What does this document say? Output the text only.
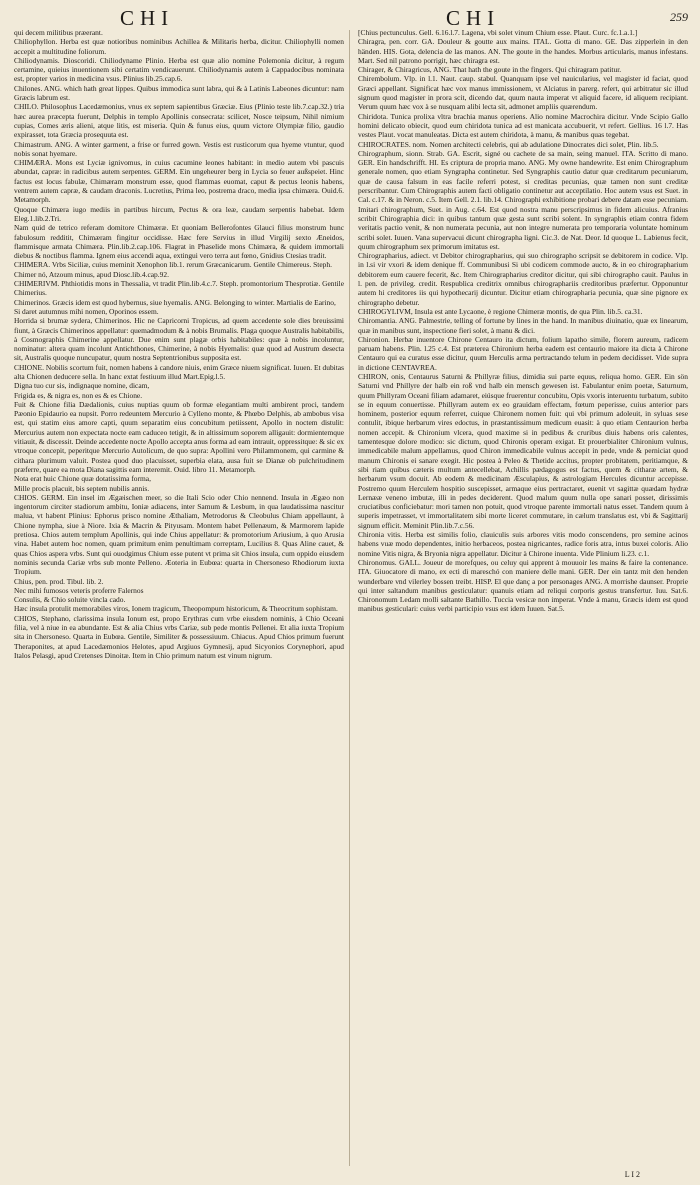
CHI	CHI	259

qui decem militibus præerant.

Chiliophyllon. Herba est quæ notioribus nominibus Achillea & Militaris herba, dicitur. Chiliophylli nomen accepit a multitudine foliorum.

Chiliodynamis. Dioscoridi. Chiliodyname Plinio. Herba est quæ alio nomine Polemonia dicitur, à regum certamine, quieius inuentionem sibi certatim vendicauerunt. Chiliodynamis autem à Cappadocibus nominata est, propter varios in medicina vsus. Plinius lib.25.cap.6.

Chilones. ANG. which hath great lippes. Quibus immodica sunt labra, qui & à Latinis Labeones dicuntur: nam Græcis labrum est.

CHILO. Philosophus Lacedæmonius, vnus ex septem sapientibus Græciæ. Eius (Plinio teste lib.7.cap.32.) tria hæc aurea præcepta fuerunt, Delphis in templo Apollinis consecrata: scilicet, Nosce teipsum, Nihil nimium cupias, Comes æris alieni, atque litis, est miseria. Quin & funus eius, quum victore Olympiæ filio, gaudio expirasset, tota Græcia prosequuta est.

Chimastrum. ANG. A winter garment, a frise or furred gown. Vestis est rusticorum qua hyeme vtuntur, quod nobis sonat hyemare.

CHIMÆRA. Mons est Lyciæ ignivomus, in cuius cacumine leones habitant: in medio autem vbi pascuis abundat, capræ: in radicibus autem serpentes. GERM. Ein ungeheurer berg in Lycia so feuer außspeiet. Hinc factus est locus fabulæ, Chimæram monstrum esse, quod flammas euomat, caput & pectus leonis habens, ventrem autem capræ, & caudam draconis. Lucretius, Prima leo, postrema draco, media ipsa chimæra. Ouid.6. Metamorph.

Quoque Chimæra iugo mediis in partibus hircum, Pectus & ora leæ, caudam serpentis habebat. Idem Eleg.1.lib.2.Tri.

Nam quid de tetrico referam domitore Chimæræ. Et quoniam Bellerofontes Glauci filius monstrum hunc fabulosum redditit, Chimæram fingitur occidisse. Hæc fere Servius in illud Virgilij sexto Æneidos, flammisque armata Chimæra. Plin.lib.2.cap.106. Flagrat in Phaselide mons Chimæra, & quidem immortali diebus & noctibus flamma. Ignem eius accendi aqua, extingui vero terra aut fœno, Gnidius Ctesias tradit.

CHIMERA. Vrbs Siciliæ, cuius meminit Xenophon lib.1. rerum Græcanicarum. Gentile Chimereus. Steph.

Chimer nó, Atzoum minus, apud Diosc.lib.4.cap.92.

CHIMERIVM. Phthiotidis mons in Thessalia, vt tradit Plin.lib.4.c.7. Steph. promontorium Thesprotiæ. Gentile Chimerius.

Chimerinos. Græcis idem est quod hybernus, siue hyemalis. ANG. Belonging to winter. Martialis de Earino,

Si daret autumnus mihi nomen, Oporinos essem.

Horrida si brumæ sydera, Chimerinos. Hic ne Capricorni Tropicus, ad quem accedente sole dies breuissimi fiunt, à Græcis Chimerinos appellatur: quemadmodum & à nobis Brumalis. Plaga quoque Australis habitabilis, à Cosmographis Chimerine appellatur. Due enim sunt plagæ orbis habitabiles: quæ à nobis incoluntur, nominatur: altera quam incolunt Antichthones, Chimerine, à nobis Hyemalis: quæ quod ad Austrum desecta sit, Australis quoque nuncupatur, quum nostra Septentrionibus supposita est.

CHIONE. Nobilis scortum fuit, nomen habens à candore niuis, enim Græce niuem significat. Iuuen. Et dubitas alta Chionen deducere sella. In hanc extat festiuum illud Mart.Epig.l.5.

Digna tuo cur sis, indignaque nomine, dicam,

Frigida es, & nigra es, non es & es Chione.

Fuit & Chione filia Dædalionis, cuius nuptias quum ob formæ elegantiam multi ambirent proci, tandem Pæonio Epidaurio ea nupsit. Porro redeuntem Mercurio à Cylleno monte, & Phœbo Delphis, ab ambobus visa est, qui statim eius amore capti, quum separatim eius concubitum petiissent, Apollo in noctem distulit: Mercurius autem non expectata nocte eam caduceo tetigit, & in altissimum soporem alligauit: dormientemque vitiauit, & discessit. Deinde accedente nocte Apollo accepta anus forma ad eam intrauit, oppressitque: & sic ex vtroque concepit, peperitque Mercurio Autolicum, de quo supra: Apollini vero Philammonem, qui carmine & cithara plurimum valuit. Postea quod duo placuisset, superbia elata, ausa fuit se Dianæ ob pulchritudinem præferre, quare ea mota Diana sagittis eam interemit. Ouid. libro 11. Metamorph.

Nota erat huic Chione quæ dotatissima forma,

Mille procis placuit, bis septem nubilis annis.

CHIOS. GERM. Ein insel im Ægæischen meer, so die Itali Scio oder Chio nennend. Insula in Ægæo non ingentorum circiter stadiorum ambitu, Ioniæ adiacens, inter Samum & Lesbum, in qua laudatissima nascitur malua, vt habent Plinius: Ephorus prisco nomine Æthaliam, Metrodorus & Cleobulus Chiam appellaunt, à Chione nympha, siue à Niore. Ixia & Macrin & Pityusam. Montem habet Pellenæum, & Marmorem lapide pretiosa. Chios autem templum Apollinis, qui inde Chius appellatur: & promotorium Ariusium, à quo Arusia vina. Habet autem hoc nomen, quam primitum enim penultimam correptam, Lucilius 8. Quas Aline cauet, & quas Chios aspera vrbs. Sunt qui ouodgimus Chium esse putent vt prima sit Chios insula, cum oppido eiusdem nominis secunda Cariæ vrbs sub monte Pelleno. Æoteria in Eubœa: quarta in Chersoneso Rhodiorum iuxta Tropium.

Chius, pen. prod. Tibul. lib. 2.

Nec mihi fumosos veteris proferre Falernos

Consulis, & Chio soluite vincla cado.

Hæc insula protulit memorabiles viros, Ionem tragicum, Theopompum historicum, & Theocritum sophistam.

CHIOS, Stephano, clarissima insula Ionum est, propo Erythras cum vrbe eiusdem nominis, à Chio Oceani filia, vel à niue in ea abundante. Est & alia Chius vrbs Cariæ, sub pede montis Pellenei. Et alia iuxta Tropium sita in Chersoneso. Quarta in Eubœa. Gentile, Similiter & possessiuum. Chiacus. Apud Chios primum fuerunt Theraponites, at apud Lacedæmonios Helotes, apud Argiuos Gymnesij, apud Sicyonios Corynephori, apud Italos Pelasgi, apud Cretenses Dinoitæ. Item in Chio primum natum est vinum nigrum.

[Chius pectunculus. Gell. 6.16.l.7. Lagena, vbi solet vinum Chium esse. Plaut. Curc. fc.1.a.1.]

Chiragra, pen. corr. GA. Douleur & goutte aux mains. ITAL. Gotta di mano. GE. Das zipperlein in den händen. HIS. Gota, delencia de las manos. AN. The goute in the handes. Morbus articularis, manus infestans. Mart. Sed nil patrono porrigit, hæc chiragra est.

Chirager, & Chiragricus, ANG. That hath the goute in the fingers. Qui chiragram patitur.

Chirembolum. Vlp. in l.1. Naut. caup. stabul. Quanquam ipse vel nauicularius, vel magister id faciat, quod Græci appellant. Significat hæc vox manus immissionem, vt Alciatus in parerg. refert, qui arbitratur sic illud signum quod magister in prora scit, dicendo dat, quum nauta imperat vt aliquid facere, id aliquem recipiant. Verum quum hæc vox à se nusquam alibi lecta sit, admonet ampliis quærendum.

Chiridota. Tunica prolixa vltra brachia manus operiens. Alio nomine Macrochira dicitur. Vnde Scipio Gallo homini delicato obiecit, quod eum chiridota tunica ad est manicata accubuerit, vt refert. Gellius. 16 l.7. Has vestes Plaut. vocat manuleatas. Dicta est autem chiridota, à manu, & manibus quas tegebat.

CHIROCRATES. nom. Nomen architecti celebris, qui ab adulatione Dinocrates dici solet, Plin. lib.5.

Chirographum, sionn. Strab. GA. Escrit, signé ou cachete de sa main, seing manuel. ITA. Scritto di mano. GER. Ein handschrifft. HI. Es criptura de propria mano. ANG. My owne handewrite. Est enim Chirographum generale nomen, quo etiam Syngrapha continetur. Sed Syngraphis cautio datur quæ creditarum pecuniarum, quæ de causa falsum in eas facile referri potest, si creditas pecunias, quæ tamen non sunt creditæ perscribantur. Cum Chirographis autem facti obligatio continetur aut acceptilatio. Hoc autem vsus est Suet. in Cal. c.17. & in Neron. c.5. Item Gell. 2.1. lib.14. Chirographi exhibitione probari debere datam esse pecuniam. Imitari chirographum, Suet. in Aug. c.64. Est quod nostra manu perscripsimus in fidem alicuius. Afranius scribit Chirographia dici: in quibus tantum quæ gesta sunt scribi solent. In syngraphis etiam contra fidem veritatis pactio venit, & non numerata pecunia, aut non integre numerata pro temporaria voluntate hominum scribi solet. Iuuen. Vana supervacui dicunt chirographa ligni. Cic.3. de Nat. Deor. Id quoque L. Labienus fecit, quum chirographum sex primorum imitatus est.

Chirographarius, adiect. vt Debitor chirographarius, qui suo chirographo scripsit se debitorem in codice. Vlp. in l.si vir vxori & idem denique ff. Communibusi Si ubi codicem commode aucto, & in eo chirographarium debitorem eum cauere fecerit, &c. Item Chirographarius creditor dicitur, qui sibi chirographo cauit. Paulus in l. pen. de privileg. credit. Respublica creditrix omnibus chirographariis creditoribus præfertur. Opponuntur autem hi creditores iis qui hypothecarij dicuntur. Dicitur etiam chirographaria pecunia, quæ sine pignore ex chirographo debetur.

CHIROGYLIVM, Insula est ante Lycaone, è regione Chimeræ montis, de qua Plin. lib.5. ca.31.

Chiromantia. ANG. Palmestrie, telling of fortune by lines in the hand. In manibus diuinatio, quæ ex linearum, quæ in manibus sunt, inspectione fieri solet, à manu & dici.

Chironion. Herbæ inuentore Chirone Centauro ita dictum, folium lapatho simile, florem aureum, radicem paruam habens. Plin. l.25 c.4. Est præterea Chironium herba eadem est centaurio maiore ita dicta à Chirone Centauro qui ea curatus esse dicitur, quum Herculis arma pertractando telum in pedem decidisset. Vide supra in dictione CENTAVREA.

CHIRON, onis, Centaurus Saturni & Phillyræ filius, dimidia sui parte equus, reliqua homo. GER. Ein sön Saturni vnd Phillyre der halb ein roß vnd halb ein mensch gewesen ist. Fabulantur enim poetæ, Saturnum, quum Phillyram Oceani filiam adamaret, eiúsque fruerentur concubitu, Opis vxoris interuentu turbatum, subito se in equum conuertisse. Phillyram autem ex eo grauidam effectam, fœtum peperisse, cuius anterior pars hominem, posterior equum referret, cuique Chironem nomen fuit: qui vbi primum adoleuit, in syluas sese contulit, ibique herbarum vires edoctus, in præstantissimum medicum euasit: à quo etiam Centaurion herba nomen accepit. & Chironium vlcera, quod maxime si in pedibus & cruribus diuis habens oris calentes, tamentesque dolore modico: sic dictum, quod Chironis operam exigat. Et prouerbialiter Chironium vulnus, immedicabile malum appellamus, quod Chiron immedicabile vulnus accepit in pede, vnde & perniciat quod manum Chironis ei sanare exegit. Hic postea à Peleo & Thetide accitus, propter probitatem, peritiamque, & sibi riam quibus cæteris multum antecellebat, Achillis pædagogus est factus, quem & citharæ artem, & herbarum vsum docuit. Ab eodem & medicinam Æsculapius, & astrologiam Hercules dicuntur accepisse. Postremo quum Herculem hospitio suscepisset, armaque eius pertractaret, euenit vt sagittæ quædam hydræ Lernææ veneno imbutæ, illi in pedes deciderent. Quod malum quum nulla ope sanari posset, dirissimis cruciatibus conficiebatur: mori tamen non potuit, quod vtroque parente immortali natus esset. Tandem quum à superis impetrasset, vt immortalitatem sibi morte liceret commutare, in cælum translatus est, vbi & Sagittarij signum efficit. Meminit Plin.lib.7.c.56.

Chironia vitis. Herba est similis folio, clauiculis suis arbores vitis modo conscendens, pro semine acinos habens vuæ modo dependentes, initio herbaceos, postea nigricantes, radice foris atra, intus buxei coloris. Alio nomine Vitis nigra, & Bryonia nigra appellatur. Dicitur à Chirone inuenta. Vide Plinium li.23. c.1.

Chironomus. GALL. Joueur de morefques, ou celuy qui apprent à mouuoir les mains & faire la contenance. ITA. Giuocatore di mano, ex ecti di mareschó con maniere delle mani. GER. Der ein tantz mit den henden wunderbare vnd vilerley bossen treibt. HISP. El que danç a por personages ANG. A morrishe daunser. Proprie qui inter saltandum manibus gesticulatur: quanuis etiam ad reliqui corporis gestus transfertur. Iuu. Sat.6. Chironomum Ledam molli saltante Bathillo. Tuccia vesicæ non imperat. Vnde à manu, Græcis idem est quod manibus gesticulari: cuius verbi participio vsus est idem Iuuen. Sat.5.

L I 2
